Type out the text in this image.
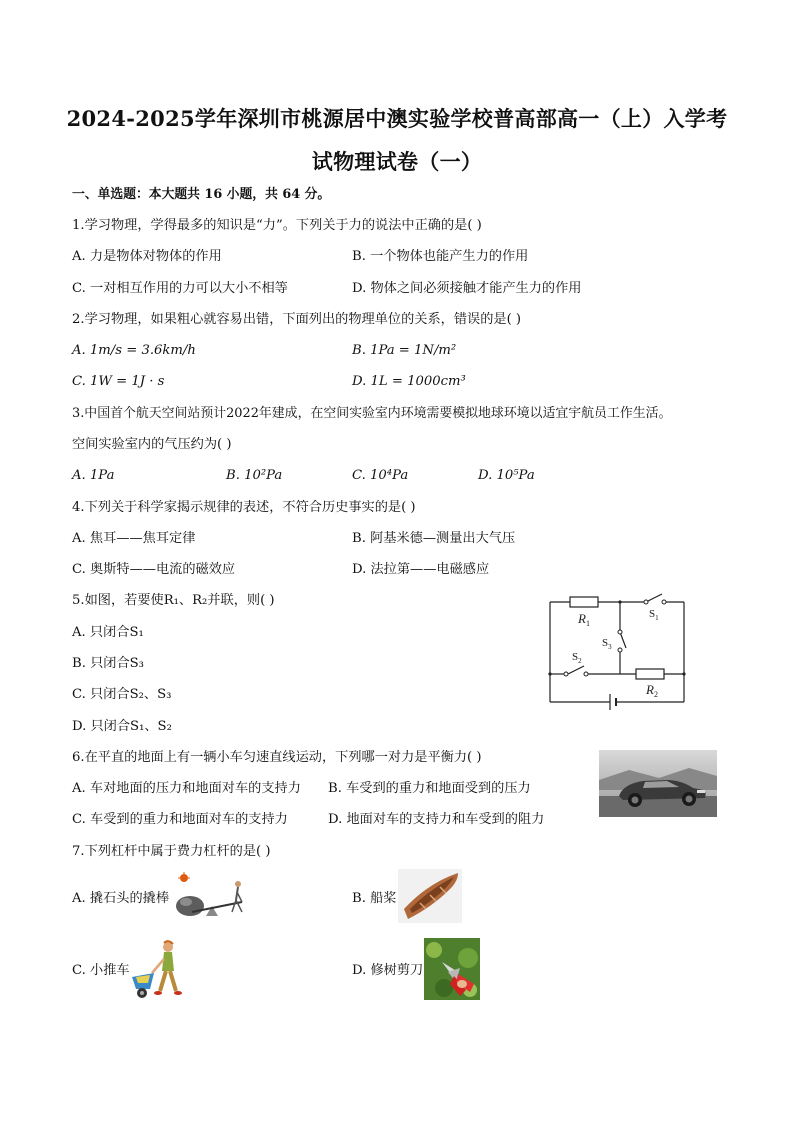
2024-2025学年深圳市桃源居中澳实验学校普高部高一（上）入学考
试物理试卷（一）
一、单选题：本大题共 16 小题，共 64 分。
1.学习物理，学得最多的知识是“力”。下列关于力的说法中正确的是( )
A. 力是物体对物体的作用	B. 一个物体也能产生力的作用
C. 一对相互作用的力可以大小不相等	D. 物体之间必须接触才能产生力的作用
2.学习物理，如果粗心就容易出错，下面列出的物理单位的关系，错误的是( )
A. 1m/s = 3.6km/h	B. 1Pa = 1N/m²
C. 1W = 1J · s	D. 1L = 1000cm³
3.中国首个航天空间站预计2022年建成，在空间实验室内环境需要模拟地球环境以适宜宇航员工作生活。
空间实验室内的气压约为( )
A. 1Pa	B. 10²Pa	C. 10⁴Pa	D. 10⁵Pa
4.下列关于科学家揭示规律的表述，不符合历史事实的是( )
A. 焦耳——焦耳定律	B. 阿基米德—测量出大气压
C. 奥斯特——电流的磁效应	D. 法拉第——电磁感应
5.如图，若要使R₁、R₂并联，则( )
A. 只闭合S₁
B. 只闭合S₃
C. 只闭合S₂、S₃
D. 只闭合S₁、S₂
$R_1$
$R_2$
$S_1$
$S_3$
$S_2$
6.在平直的地面上有一辆小车匀速直线运动，下列哪一对力是平衡力( )
A. 车对地面的压力和地面对车的支持力 B. 车受到的重力和地面受到的压力
C. 车受到的重力和地面对车的支持力	D. 地面对车的支持力和车受到的阻力
7.下列杠杆中属于费力杠杆的是( )
A. 撬石头的撬棒	B. 船桨
C. 小推车	D. 修树剪刀
